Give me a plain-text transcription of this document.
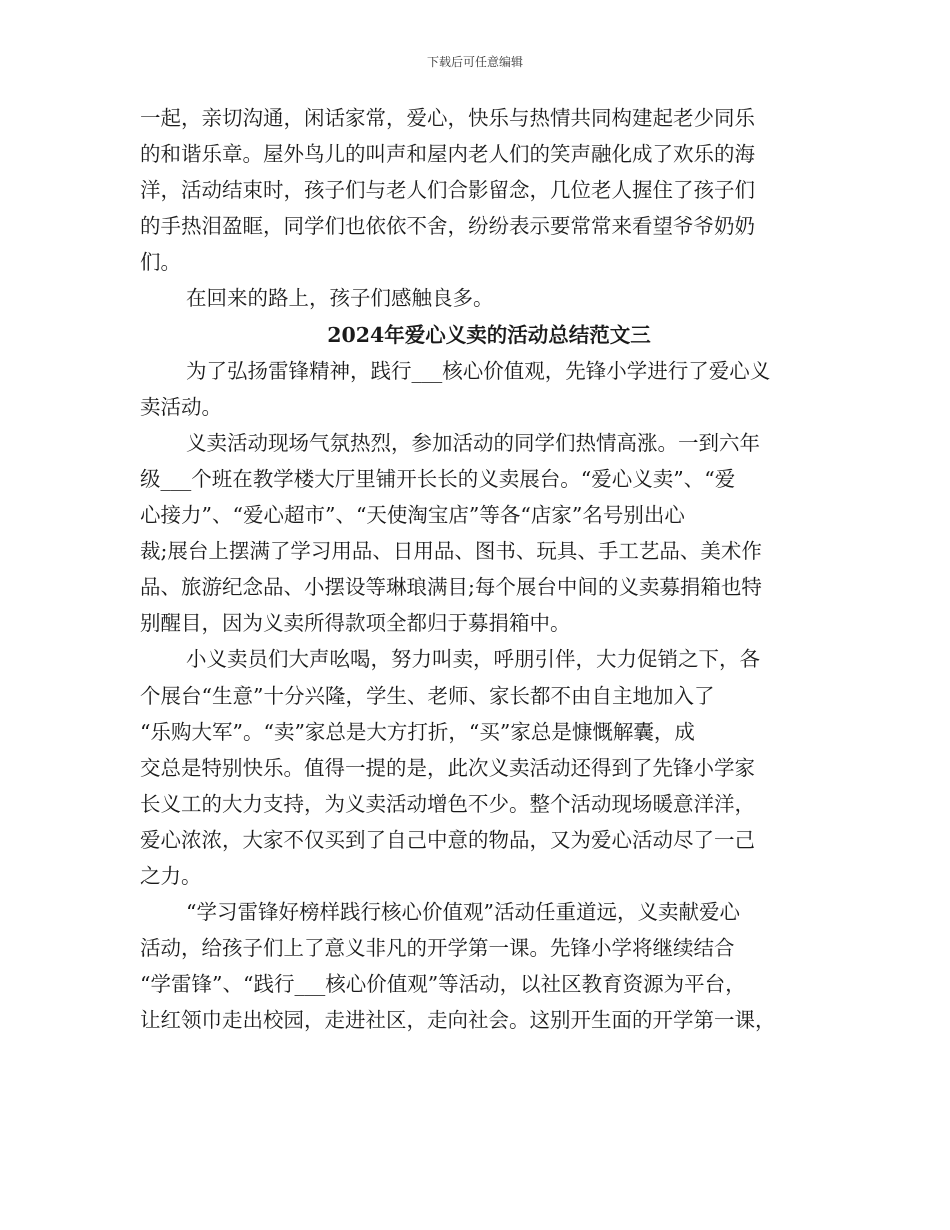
下载后可任意编辑
一起，亲切沟通，闲话家常，爱心，快乐与热情共同构建起老少同乐
的和谐乐章。屋外鸟儿的叫声和屋内老人们的笑声融化成了欢乐的海
洋，活动结束时，孩子们与老人们合影留念，几位老人握住了孩子们
的手热泪盈眶，同学们也依依不舍，纷纷表示要常常来看望爷爷奶奶
们。
在回来的路上，孩子们感触良多。
2024年爱心义卖的活动总结范文三
为了弘扬雷锋精神，践行___核心价值观，先锋小学进行了爱心义
卖活动。
义卖活动现场气氛热烈，参加活动的同学们热情高涨。一到六年
级___个班在教学楼大厅里铺开长长的义卖展台。“爱心义卖”、“爱
心接力”、“爱心超市”、“天使淘宝店”等各“店家”名号别出心
裁;展台上摆满了学习用品、日用品、图书、玩具、手工艺品、美术作
品、旅游纪念品、小摆设等琳琅满目;每个展台中间的义卖募捐箱也特
别醒目，因为义卖所得款项全都归于募捐箱中。
小义卖员们大声吆喝，努力叫卖，呼朋引伴，大力促销之下，各
个展台“生意”十分兴隆，学生、老师、家长都不由自主地加入了
“乐购大军”。“卖”家总是大方打折，“买”家总是慷慨解囊，成
交总是特别快乐。值得一提的是，此次义卖活动还得到了先锋小学家
长义工的大力支持，为义卖活动增色不少。整个活动现场暖意洋洋，
爱心浓浓，大家不仅买到了自己中意的物品，又为爱心活动尽了一己
之力。
“学习雷锋好榜样践行核心价值观”活动任重道远，义卖献爱心
活动，给孩子们上了意义非凡的开学第一课。先锋小学将继续结合
“学雷锋”、“践行___核心价值观”等活动，以社区教育资源为平台，
让红领巾走出校园，走进社区，走向社会。这别开生面的开学第一课，
